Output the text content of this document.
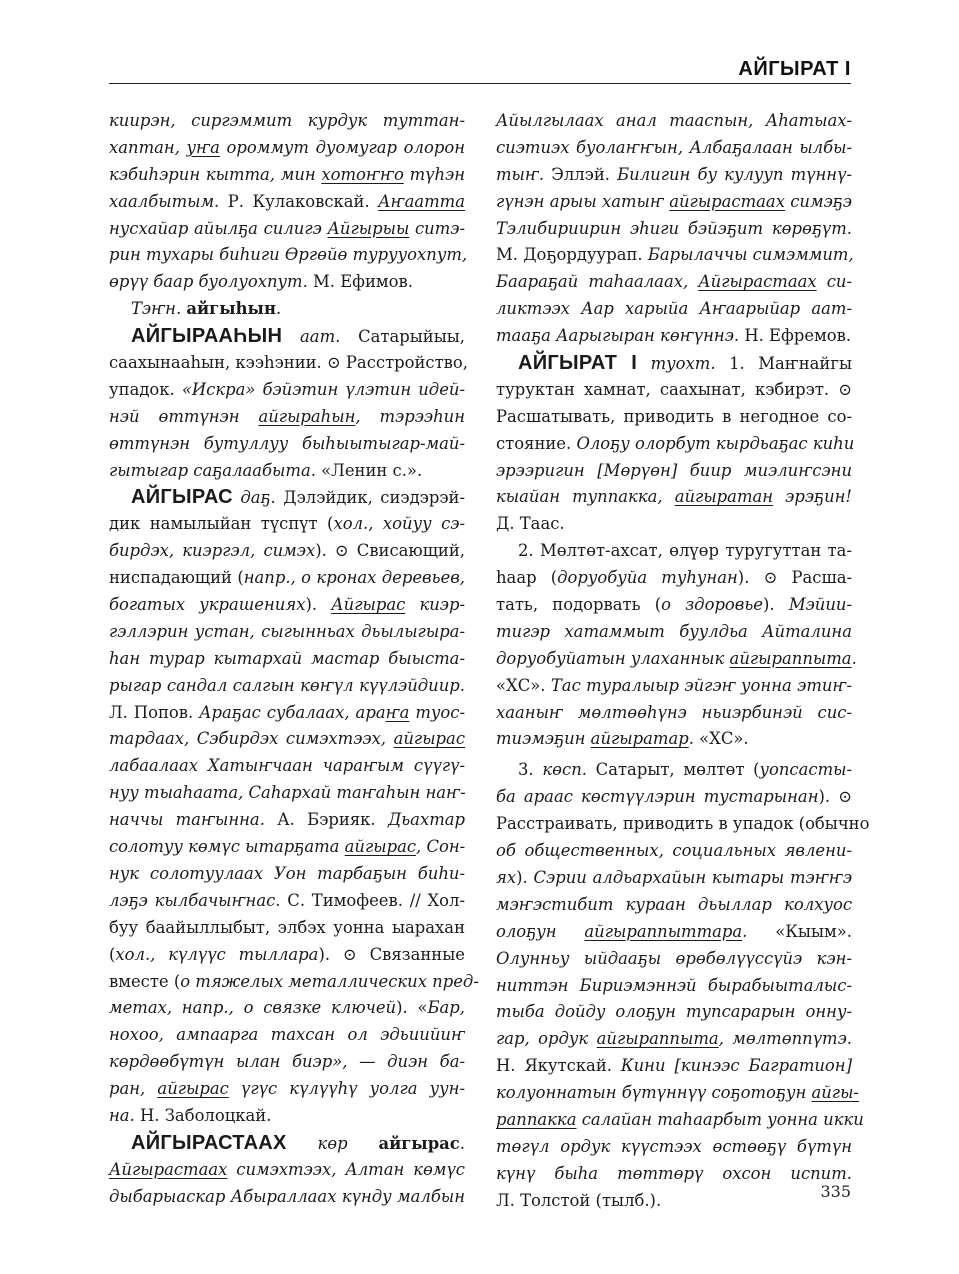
АЙГЫРАТ I
киирэн, сиргэммит курдук туттан-
хаптан, уҥа ороммут дуомугар олорон
кэбиһэрин кытта, мин хотоҥҥо түһэн
хаалбытым. Р. Кулаковскай. Аҥаатта
нусхайар айылҕа силигэ Айгырыы ситэ-
рин тухары биһиги Өргөйө турууохпут,
өрүү баар буолуохпут. М. Ефимов.
Тэҥн. айгыһын.
АЙГЫРААҺЫН аат. Сатарыйыы,
саахынааһын, кээһэнии. ⊙ Расстройство,
упадок. «Искра» бэйэтин үлэтин идей-
нэй өттүнэн айгыраһын, тэрээһин
өттүнэн бутуллуу быһыытыгар-май-
гытыгар саҕалаабыта. «Ленин с.».
АЙГЫРАС даҕ. Дэлэйдик, сиэдэрэй-
дик намылыйан түспүт (хол., хойуу сэ-
бирдэх, киэргэл, симэх). ⊙ Свисающий,
ниспадающий (напр., о кронах деревьев,
богатых украшениях). Айгырас киэр-
гэллэрин устан, сыгынньах дьылыгыра-
һан турар кытархай мастар быыста-
рыгар сандал салгын көҥүл күүлэйдиир.
Л. Попов. Араҕас субалаах, араҥа туос-
тардаах, Сэбирдэх симэхтээх, айгырас
лабаалаах Хатыҥчаан чараҥым сүүгү-
нуу тыаһаата, Саһархай таҥаһын наҥ-
наччы таҥынна. А. Бэрияк. Дьахтар
солотуу көмүс ытарҕата айгырас, Сон-
нук солотуулаах Уон тарбаҕын биһи-
лэҕэ кылбачыҥнас. С. Тимофеев. // Хол-
буу баайыллыбыт, элбэх уонна ыарахан
(хол., күлүүс тыллара). ⊙ Связанные
вместе (о тяжелых металлических пред-
метах, напр., о связке ключей). «Бар,
нохоо, ампаарга тахсан ол эдьиийиҥ
көрдөөбүтүн ылан биэр», — диэн ба-
ран, айгырас үгүс күлүүһү уолга уун-
на. Н. Заболоцкай.
АЙГЫРАСТААХ көр айгырас.
Айгырастаах симэхтээх, Алтан көмүс
дыбарыаскар Абыраллаах күнду малбын
Айылгылаах анал тааспын, Аһатыах-
сиэтиэх буолаҥҥын, Албаҕалаан ылбы-
тыҥ. Эллэй. Билигин бу кулууп түннү-
гүнэн арыы хатыҥ айгырастаах симэҕэ
Тэлибириирин эһиги бэйэҕит көрөҕүт.
М. Доҕордуурап. Барылаччы симэммит,
Баараҕай таһаалаах, Айгырастаах си-
ликтээх Аар харыйа Аҥаарыйар аат-
тааҕа Аарыгыран көҥүннэ. Н. Ефремов.
АЙГЫРАТ I туохт. 1. Маҥнайгы
туруктан хамнат, саахынат, кэбирэт. ⊙
Расшатывать, приводить в негодное со-
стояние. Олоҕу олорбут кырдьаҕас киһи
эрээригин [Мөрүөн] биир миэлиҥсэни
кыайан туппакка, айгыратан эрэҕин!
Д. Таас.
2. Мөлтөт-ахсат, өлүөр туругуттан та-
һаар (доруобуйа туһунан). ⊙ Расша-
тать, подорвать (о здоровье). Мэйии-
тигэр хатаммыт буулдьа Айталина
доруобуйатын улаханнык айгыраппыта.
«ХС». Тас туралыыр эйгэҥ уонна этиҥ-
хааныҥ мөлтөөһүнэ ньиэрбинэй сис-
тиэмэҕин айгыратар. «ХС».
3. көсп. Сатарыт, мөлтөт (уопсасты-
ба араас көстүүлэрин тустарынан). ⊙
Расстраивать, приводить в упадок (обычно
об общественных, социальных явлени-
ях). Сэрии алдьархайын кытары тэҥҥэ
мэҥэстибит кураан дьыллар колхуос
олоҕун айгыраппыттара. «Кыым».
Олунньу ыйдааҕы өрөбөлүүссүйэ кэн-
ниттэн Бириэмэннэй бырабыыталыс-
тыба дойду олоҕун тупсарарын онну-
гар, ордук айгыраппыта, мөлтөппүтэ.
Н. Якутскай. Кини [кинээс Багратион]
колуоннатын бүтүннүү соҕотоҕун айгы-
раппакка салайан таһаарбыт уонна икки
төгүл ордук күүстээх өстөөҕү бүтүн
күнү быһа төттөрү охсон испит.
Л. Толстой (тылб.).	335
